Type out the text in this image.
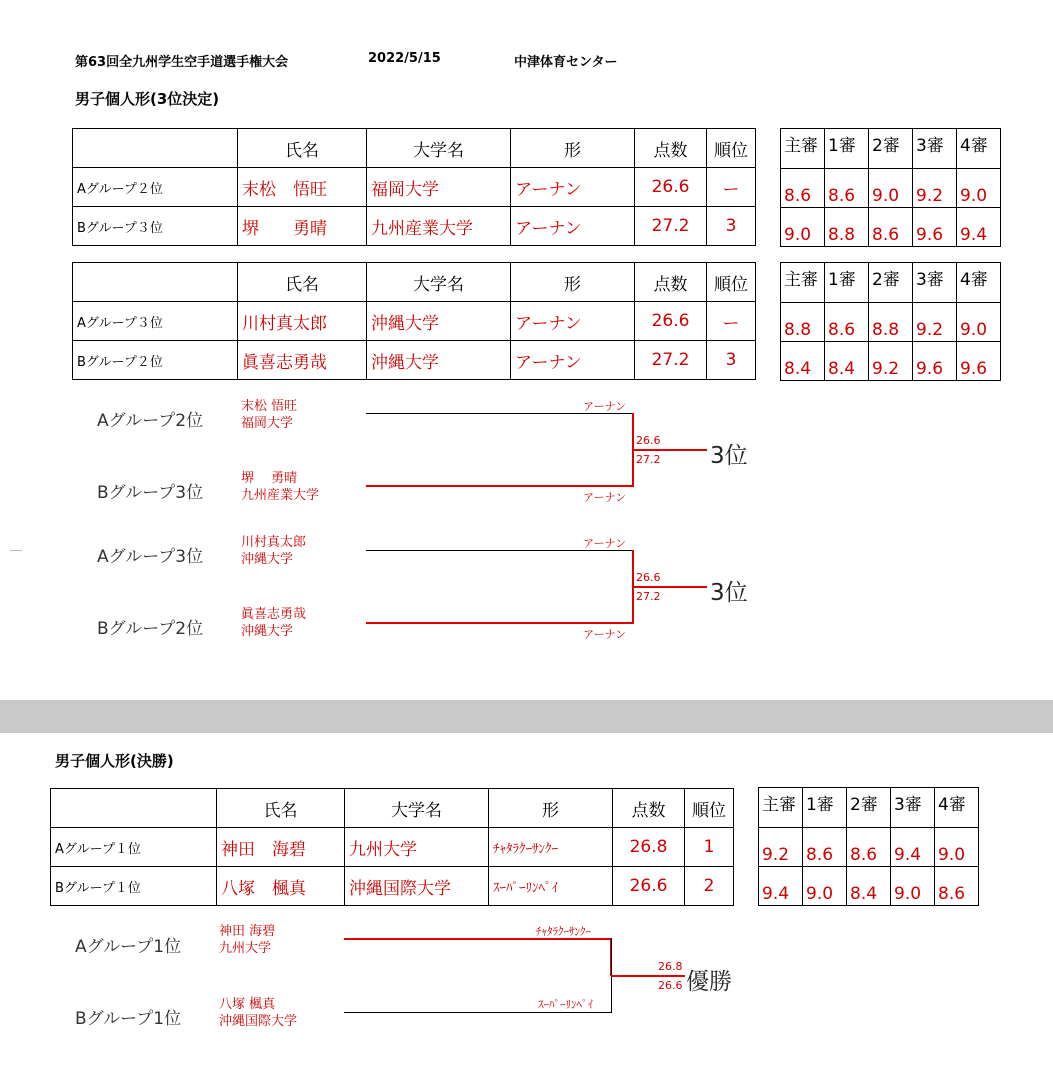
第63回全九州学生空手道選手権大会	2022/5/15	中津体育センター
男子個人形(3位決定)
	氏名	大学名	形	点数	順位
Aグループ２位	末松　悟旺	福岡大学	アーナン	26.6	ー
Bグループ３位	堺　　勇晴	九州産業大学	アーナン	27.2	3
主審	1審	2審	3審	4審
8.6	8.6	9.0	9.2	9.0
9.0	8.8	8.6	9.6	9.4
	氏名	大学名	形	点数	順位
Aグループ３位	川村真太郎	沖縄大学	アーナン	26.6	ー
Bグループ２位	眞喜志勇哉	沖縄大学	アーナン	27.2	3
主審	1審	2審	3審	4審
8.8	8.6	8.8	9.2	9.0
8.4	8.4	9.2	9.6	9.6
Aグループ2位
末松 悟旺
福岡大学
アーナン
Bグループ3位
堺　 勇晴
九州産業大学	アーナン
26.6
27.2 3位
Aグループ3位
川村真太郎
沖縄大学
アーナン
Bグループ2位
眞喜志勇哉
沖縄大学	アーナン
26.6
27.2 3位
男子個人形(決勝)
	氏名	大学名	形	点数	順位
Aグループ１位	神田　海碧	九州大学	ﾁｬﾀﾗｸｰｻﾝｸｰ	26.8	1
Bグループ１位	八塚　楓真	沖縄国際大学	ｽｰﾊﾟｰﾘﾝﾍﾟｲ	26.6	2
主審	1審	2審	3審	4審
9.2	8.6	8.6	9.4	9.0
9.4	9.0	8.4	9.0	8.6
Aグループ1位
神田 海碧
九州大学
ﾁｬﾀﾗｸｰｻﾝｸｰ
Bグループ1位
八塚 楓真
沖縄国際大学
ｽｰﾊﾟｰﾘﾝﾍﾟｲ
26.8
26.6 優勝
